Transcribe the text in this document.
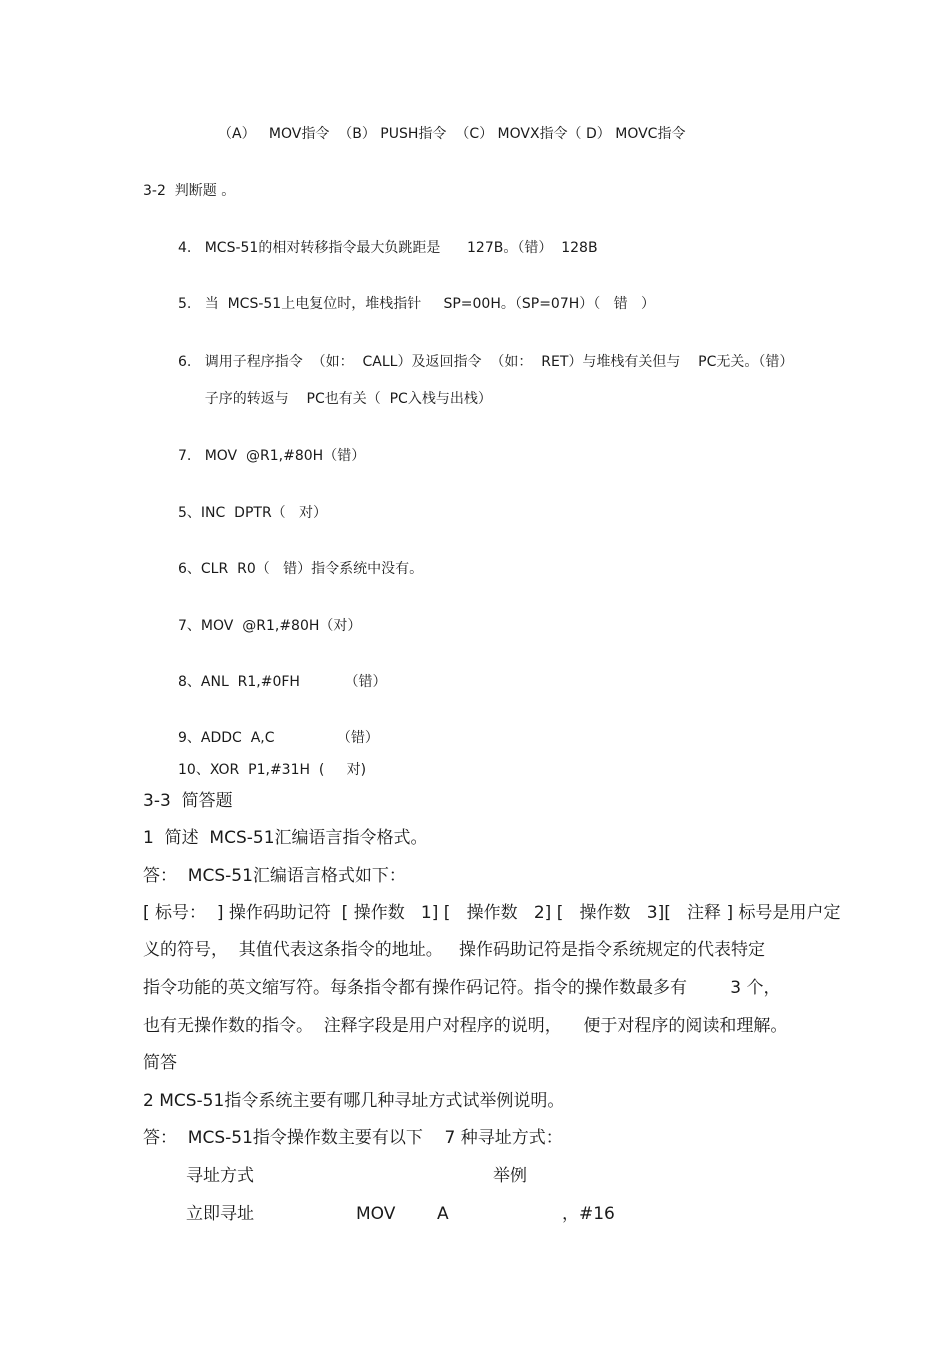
（A）   MOV指令  （B） PUSH指令  （C） MOVX指令（ D） MOVC指令
3-2  判断题 。
4.   MCS-51的相对转移指令最大负跳距是      127B。（错）  128B
5.   当  MCS-51上电复位时，堆栈指针     SP=00H。（SP=07H）（   错   ）
6.   调用子程序指令  （如：  CALL）及返回指令  （如：  RET）与堆栈有关但与    PC无关。（错）
子序的转返与    PC也有关（  PC入栈与出栈）
7.   MOV  @R1,#80H（错）
5、INC  DPTR（   对）
6、CLR  R0（   错）指令系统中没有。
7、MOV  @R1,#80H（对）
8、ANL  R1,#0FH          （错）
9、ADDC  A,C              （错）
10、XOR  P1,#31H  (     对)
3-3  简答题
1  简述  MCS-51汇编语言指令格式。
答：  MCS-51汇编语言格式如下：
[ 标号：  ] 操作码助记符  [ 操作数   1] [   操作数   2] [   操作数   3][   注释 ] 标号是用户定
义的符号，  其值代表这条指令的地址。   操作码助记符是指令系统规定的代表特定
指令功能的英文缩写符。每条指令都有操作码记符。指令的操作数最多有        3 个，
也有无操作数的指令。  注释字段是用户对程序的说明，    便于对程序的阅读和理解。
简答
2 MCS-51指令系统主要有哪几种寻址方式试举例说明。
答：  MCS-51指令操作数主要有以下    7 种寻址方式：
寻址方式	举例
立即寻址	MOV A	，#16
